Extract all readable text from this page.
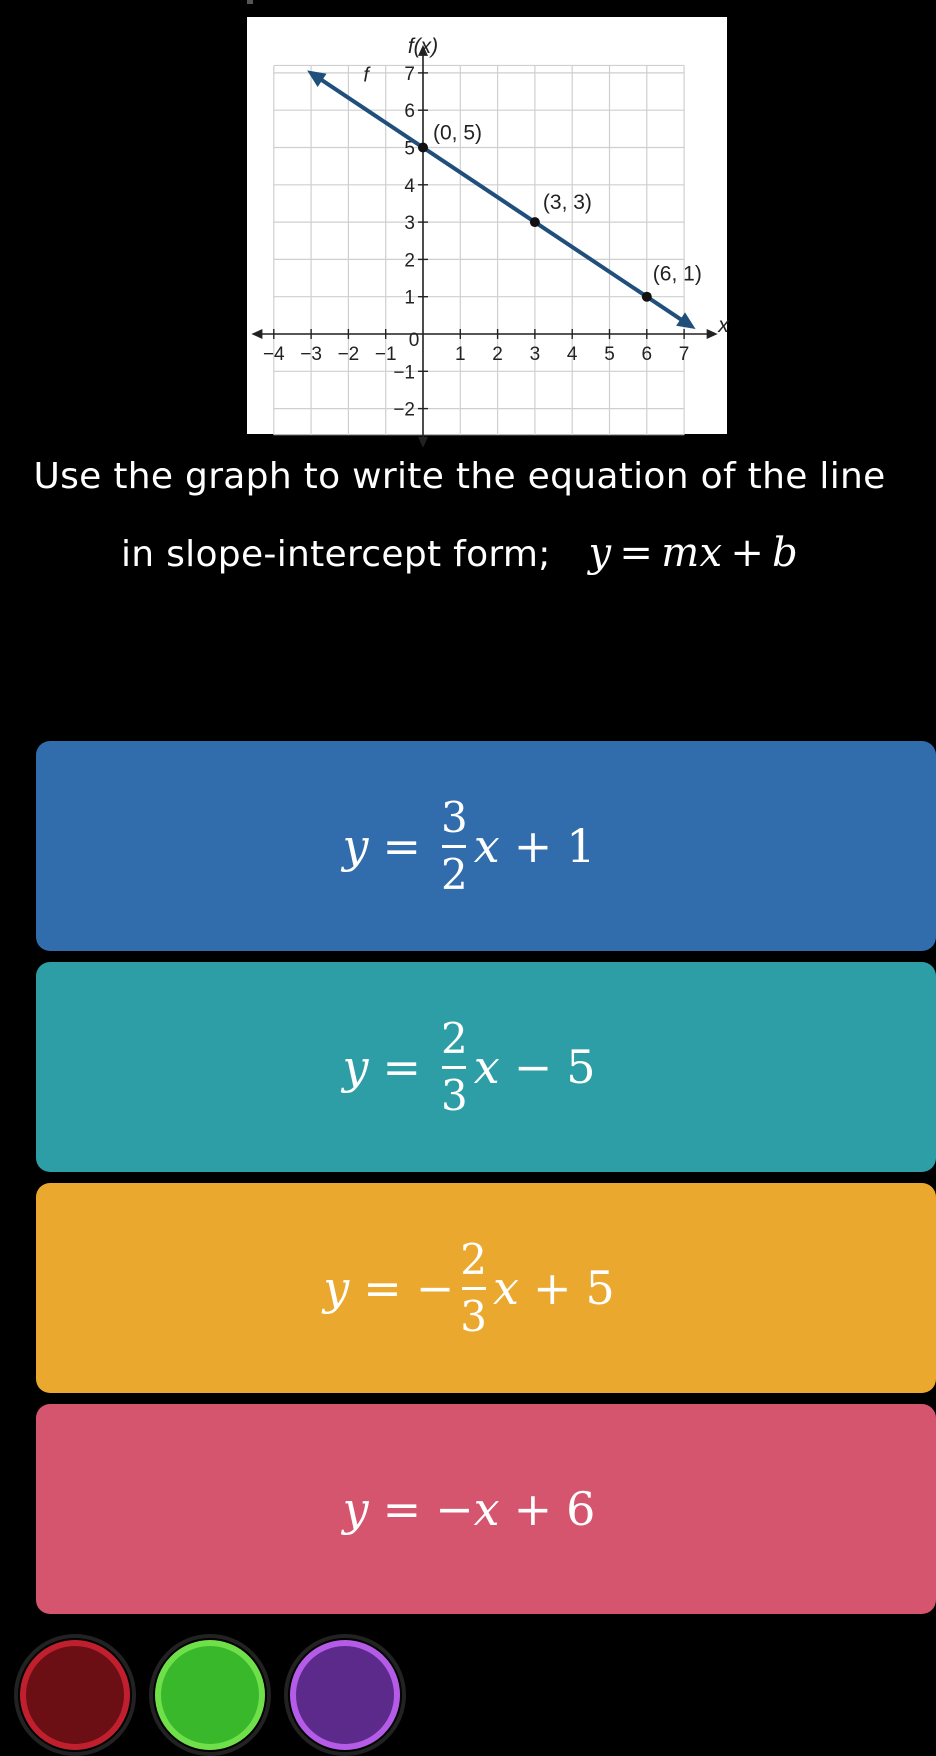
−4 −3 −2 −1
0
1 2 3 4 5 6 7
7
6
5
4
3
2
1
−1
−2
f(x)
x
f
(0, 5)
(3, 3)
(6, 1)
Use the graph to write the equation of the line
in slope-intercept form; y = mx + b
$y = \frac{3}{2}$ x + 1
$y = \frac{2}{3}$ x − 5
y = − $\frac{2}{3}$ x + 5
y = − x + 6
